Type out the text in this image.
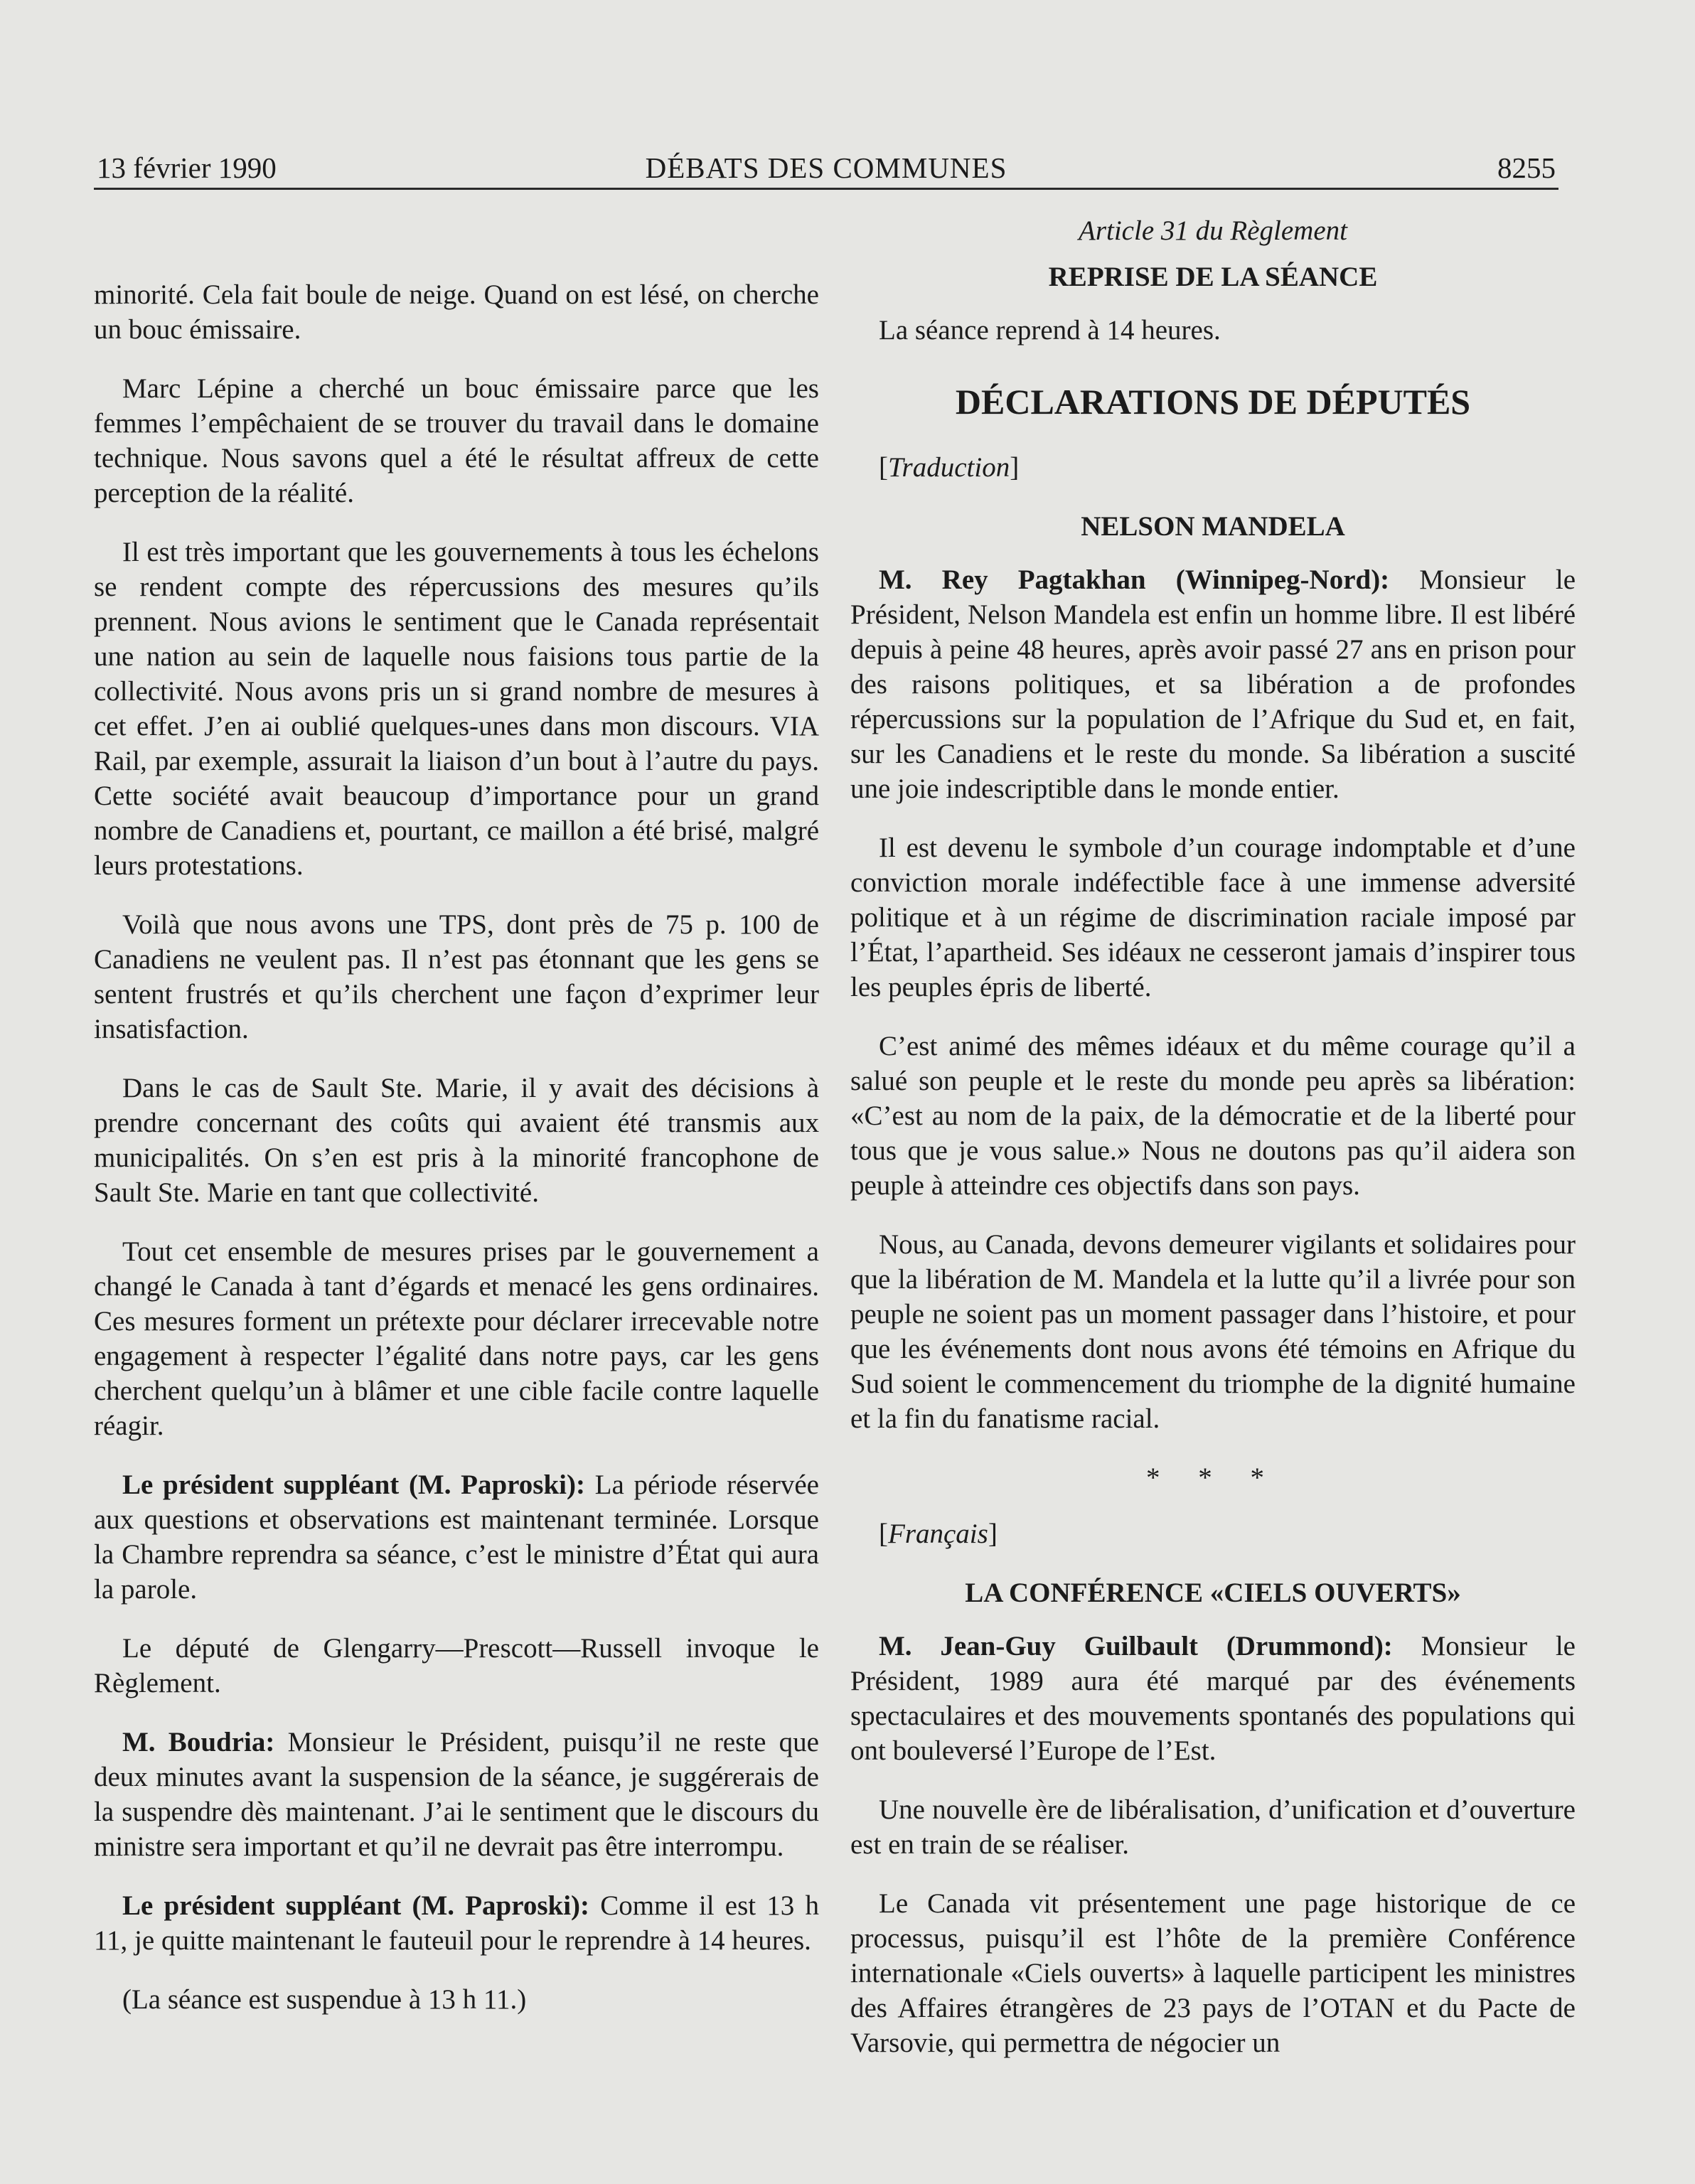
13 février 1990	DÉBATS DES COMMUNES	8255

minorité. Cela fait boule de neige. Quand on est lésé, on cherche un bouc émissaire.

Marc Lépine a cherché un bouc émissaire parce que les femmes l’empêchaient de se trouver du travail dans le domaine technique. Nous savons quel a été le résultat affreux de cette perception de la réalité.

Il est très important que les gouvernements à tous les échelons se rendent compte des répercussions des mesures qu’ils prennent. Nous avions le sentiment que le Canada représentait une nation au sein de laquelle nous faisions tous partie de la collectivité. Nous avons pris un si grand nombre de mesures à cet effet. J’en ai oublié quelques-unes dans mon discours. VIA Rail, par exemple, assurait la liaison d’un bout à l’autre du pays. Cette société avait beaucoup d’importance pour un grand nombre de Canadiens et, pourtant, ce maillon a été brisé, malgré leurs protestations.

Voilà que nous avons une TPS, dont près de 75 p. 100 de Canadiens ne veulent pas. Il n’est pas étonnant que les gens se sentent frustrés et qu’ils cherchent une façon d’exprimer leur insatisfaction.

Dans le cas de Sault Ste. Marie, il y avait des décisions à prendre concernant des coûts qui avaient été transmis aux municipalités. On s’en est pris à la minorité francophone de Sault Ste. Marie en tant que collectivité.

Tout cet ensemble de mesures prises par le gouvernement a changé le Canada à tant d’égards et menacé les gens ordinaires. Ces mesures forment un prétexte pour déclarer irrecevable notre engagement à respecter l’égalité dans notre pays, car les gens cherchent quelqu’un à blâmer et une cible facile contre laquelle réagir.

Le président suppléant (M. Paproski): La période réservée aux questions et observations est maintenant terminée. Lorsque la Chambre reprendra sa séance, c’est le ministre d’État qui aura la parole.

Le député de Glengarry—Prescott—Russell invoque le Règlement.

M. Boudria: Monsieur le Président, puisqu’il ne reste que deux minutes avant la suspension de la séance, je suggérerais de la suspendre dès maintenant. J’ai le sentiment que le discours du ministre sera important et qu’il ne devrait pas être interrompu.

Le président suppléant (M. Paproski): Comme il est 13 h 11, je quitte maintenant le fauteuil pour le reprendre à 14 heures.

(La séance est suspendue à 13 h 11.)

Article 31 du Règlement
REPRISE DE LA SÉANCE

La séance reprend à 14 heures.

DÉCLARATIONS DE DÉPUTÉS

[Traduction]

NELSON MANDELA

M. Rey Pagtakhan (Winnipeg-Nord): Monsieur le Président, Nelson Mandela est enfin un homme libre. Il est libéré depuis à peine 48 heures, après avoir passé 27 ans en prison pour des raisons politiques, et sa libération a de profondes répercussions sur la population de l’Afrique du Sud et, en fait, sur les Canadiens et le reste du monde. Sa libération a suscité une joie indescriptible dans le monde entier.

Il est devenu le symbole d’un courage indomptable et d’une conviction morale indéfectible face à une immense adversité politique et à un régime de discrimination raciale imposé par l’État, l’apartheid. Ses idéaux ne cesseront jamais d’inspirer tous les peuples épris de liberté.

C’est animé des mêmes idéaux et du même courage qu’il a salué son peuple et le reste du monde peu après sa libération: «C’est au nom de la paix, de la démocratie et de la liberté pour tous que je vous salue.» Nous ne doutons pas qu’il aidera son peuple à atteindre ces objectifs dans son pays.

Nous, au Canada, devons demeurer vigilants et solidaires pour que la libération de M. Mandela et la lutte qu’il a livrée pour son peuple ne soient pas un moment passager dans l’histoire, et pour que les événements dont nous avons été témoins en Afrique du Sud soient le commencement du triomphe de la dignité humaine et la fin du fanatisme racial.

* * *

[Français]

LA CONFÉRENCE «CIELS OUVERTS»

M. Jean-Guy Guilbault (Drummond): Monsieur le Président, 1989 aura été marqué par des événements spectaculaires et des mouvements spontanés des populations qui ont bouleversé l’Europe de l’Est.

Une nouvelle ère de libéralisation, d’unification et d’ouverture est en train de se réaliser.

Le Canada vit présentement une page historique de ce processus, puisqu’il est l’hôte de la première Conférence internationale «Ciels ouverts» à laquelle participent les ministres des Affaires étrangères de 23 pays de l’OTAN et du Pacte de Varsovie, qui permettra de négocier un
